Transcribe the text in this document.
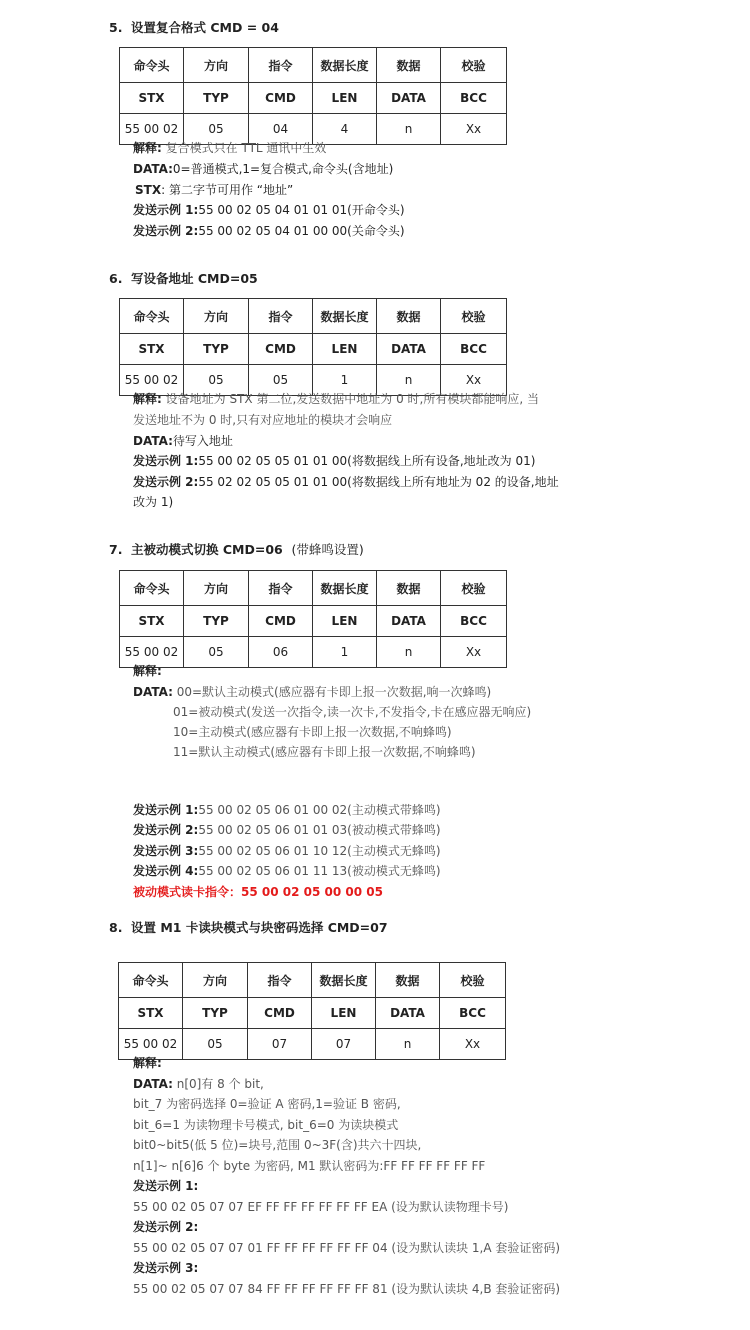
5. 设置复合格式 CMD = 04
命令头	方向	指令	数据长度	数据	校验
STX	TYP	CMD	LEN	DATA	BCC
55 00 02	05	04	4	n	Xx
解释: 复合模式只在 TTL 通讯中生效
DATA:0=普通模式,1=复合模式,命令头(含地址)
STX: 第二字节可用作 “地址”
发送示例 1:55 00 02 05 04 01 01 01(开命令头)
发送示例 2:55 00 02 05 04 01 00 00(关命令头)
6. 写设备地址 CMD=05
命令头	方向	指令	数据长度	数据	校验
STX	TYP	CMD	LEN	DATA	BCC
55 00 02	05	05	1	n	Xx
解释: 设备地址为 STX 第二位,发送数据中地址为 0 时,所有模块都能响应, 当
发送地址不为 0 时,只有对应地址的模块才会响应
DATA:待写入地址
发送示例 1:55 00 02 05 05 01 01 00(将数据线上所有设备,地址改为 01)
发送示例 2:55 02 02 05 05 01 01 00(将数据线上所有地址为 02 的设备,地址
改为 1)
7. 主被动模式切换 CMD=06 (带蜂鸣设置)
命令头	方向	指令	数据长度	数据	校验
STX	TYP	CMD	LEN	DATA	BCC
55 00 02	05	06	1	n	Xx
解释:
DATA: 00=默认主动模式(感应器有卡即上报一次数据,响一次蜂鸣)
01=被动模式(发送一次指令,读一次卡,不发指令,卡在感应器无响应)
10=主动模式(感应器有卡即上报一次数据,不响蜂鸣)
11=默认主动模式(感应器有卡即上报一次数据,不响蜂鸣)
发送示例 1:55 00 02 05 06 01 00 02(主动模式带蜂鸣)
发送示例 2:55 00 02 05 06 01 01 03(被动模式带蜂鸣)
发送示例 3:55 00 02 05 06 01 10 12(主动模式无蜂鸣)
发送示例 4:55 00 02 05 06 01 11 13(被动模式无蜂鸣)
被动模式读卡指令：55 00 02 05 00 00 05
8. 设置 M1 卡读块模式与块密码选择 CMD=07
命令头	方向	指令	数据长度	数据	校验
STX	TYP	CMD	LEN	DATA	BCC
55 00 02	05	07	07	n	Xx
解释:
DATA: n[0]有 8 个 bit,
bit_7 为密码选择 0=验证 A 密码,1=验证 B 密码,
bit_6=1 为读物理卡号模式, bit_6=0 为读块模式
bit0~bit5(低 5 位)=块号,范围 0~3F(含)共六十四块,
n[1]~ n[6]6 个 byte 为密码, M1 默认密码为:FF FF FF FF FF FF
发送示例 1:
55 00 02 05 07 07 EF FF FF FF FF FF FF EA (设为默认读物理卡号)
发送示例 2:
55 00 02 05 07 07 01 FF FF FF FF FF FF 04 (设为默认读块 1,A 套验证密码)
发送示例 3:
55 00 02 05 07 07 84 FF FF FF FF FF FF 81 (设为默认读块 4,B 套验证密码)
